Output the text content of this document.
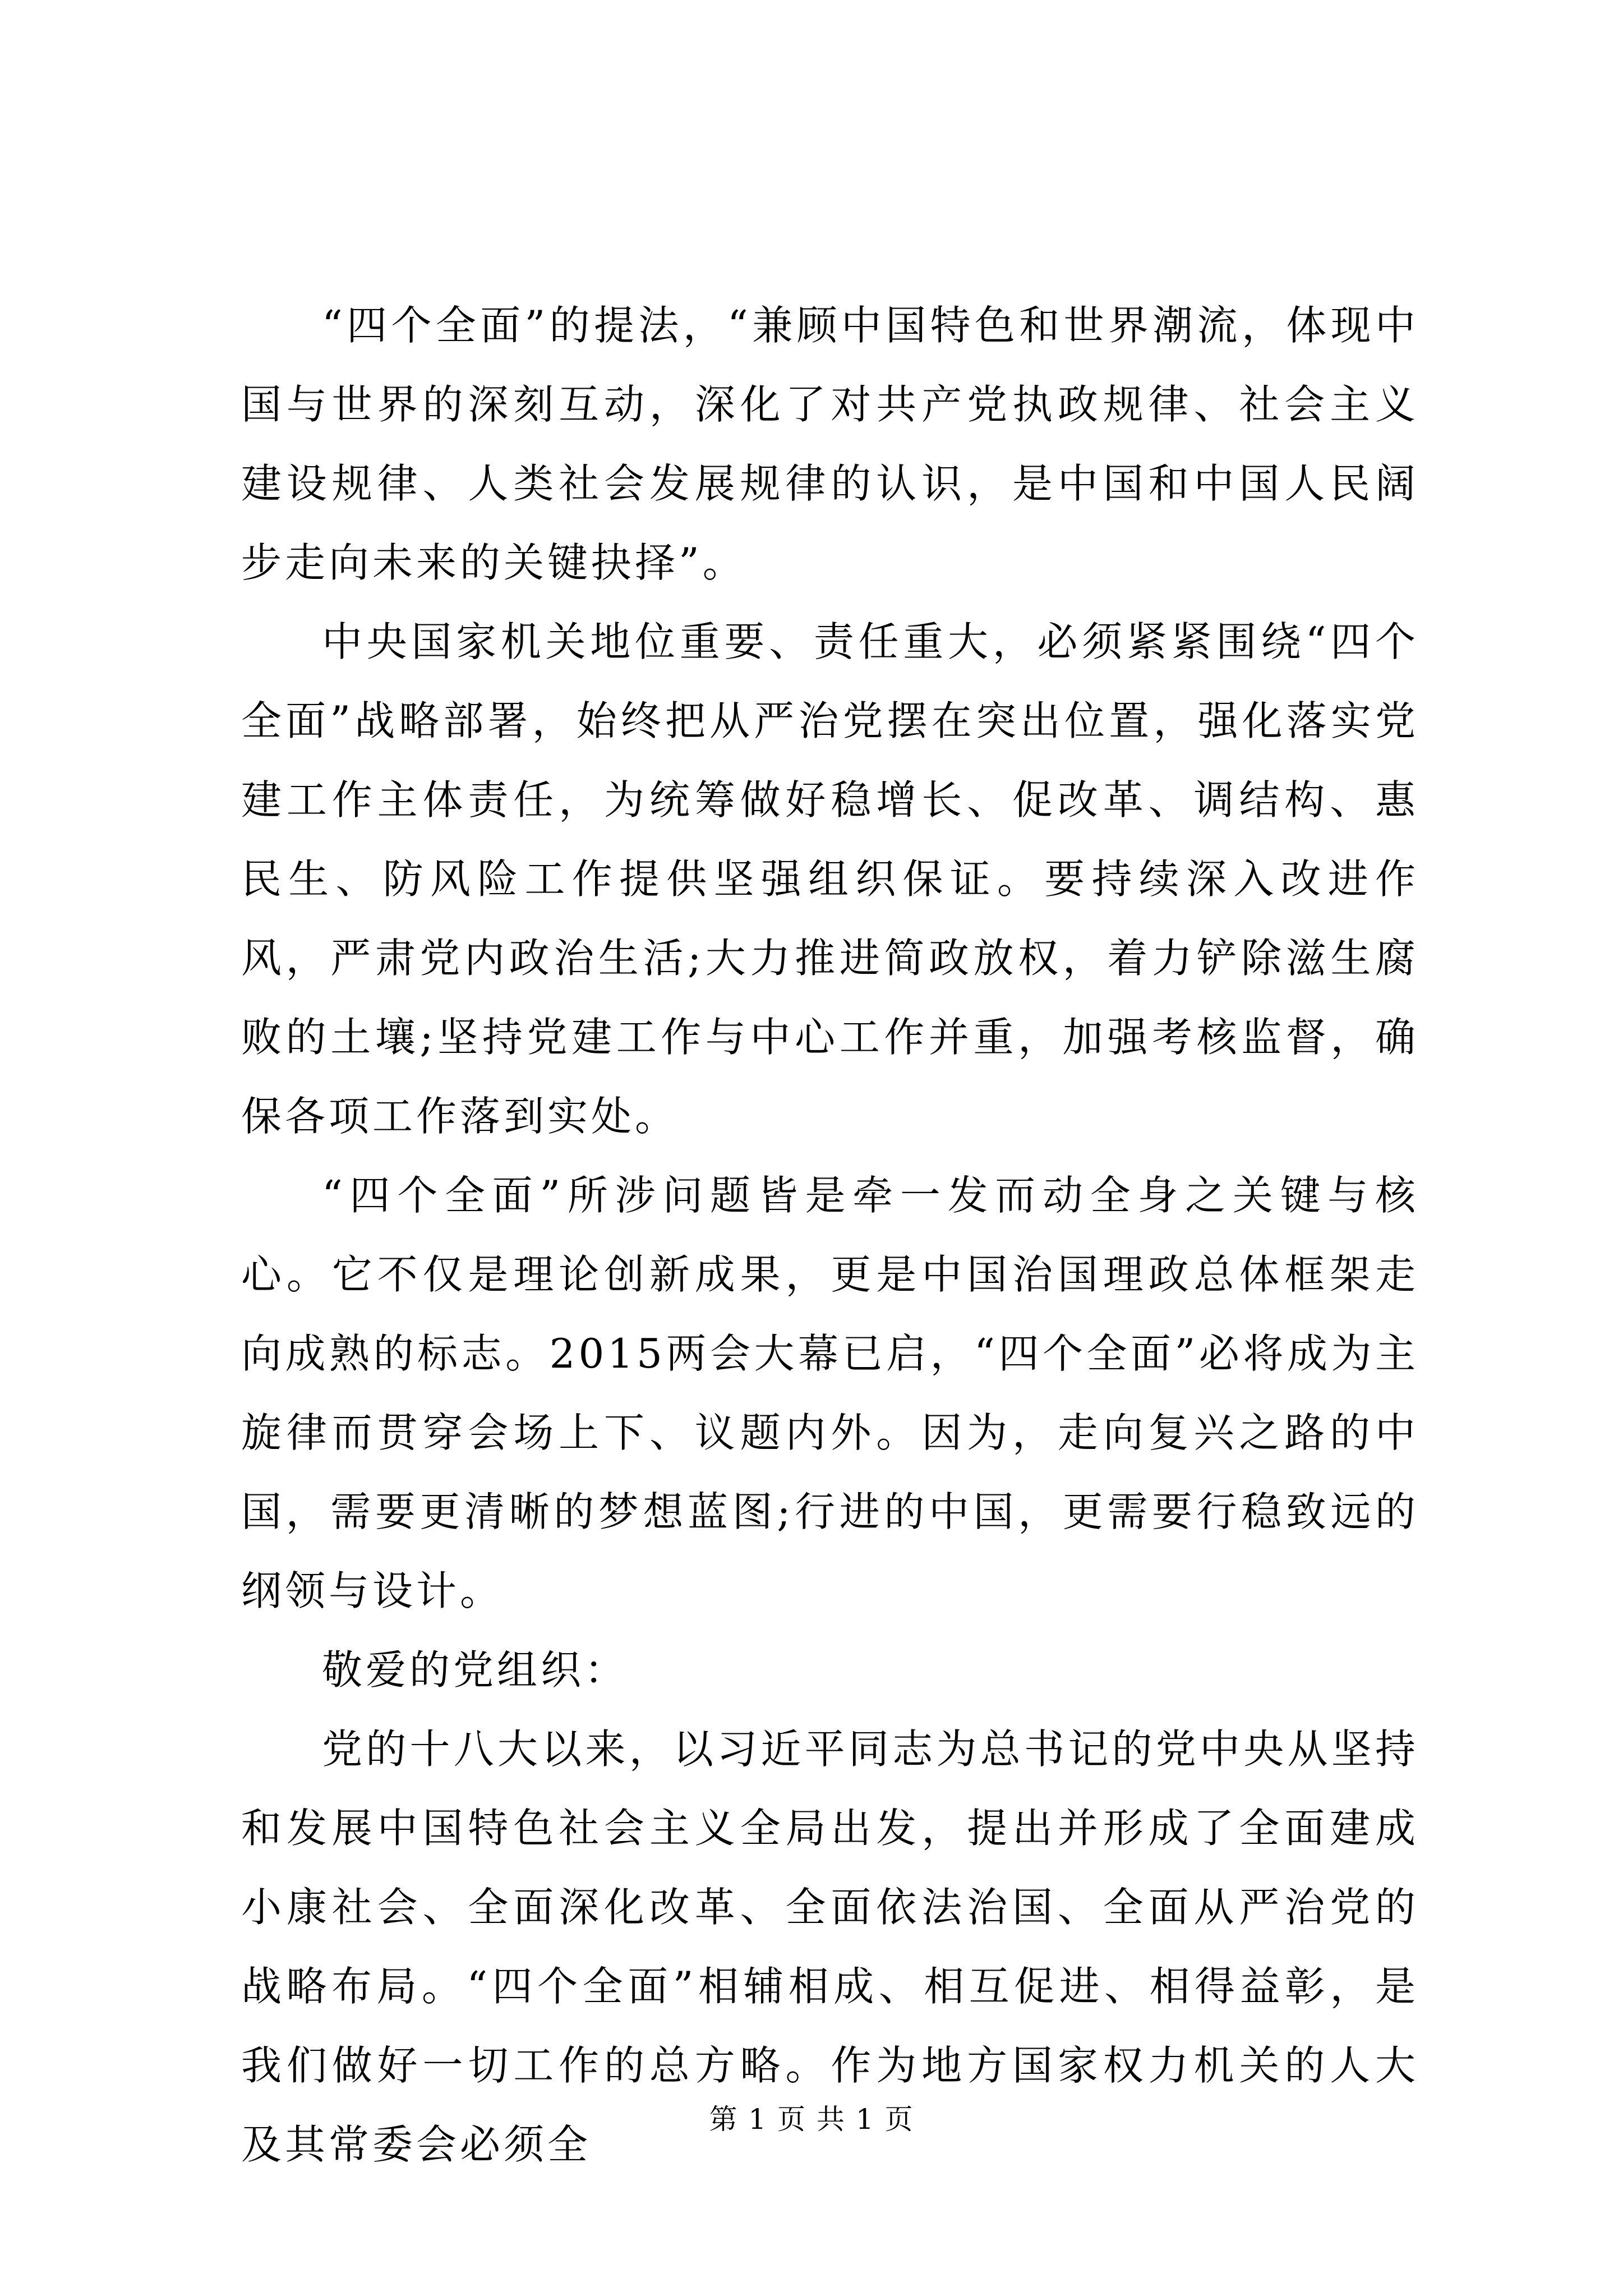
“四个全面”的提法，“兼顾中国特色和世界潮流，体现中国与世界的深刻互动，深化了对共产党执政规律、社会主义建设规律、人类社会发展规律的认识，是中国和中国人民阔步走向未来的关键抉择”。

中央国家机关地位重要、责任重大，必须紧紧围绕“四个全面”战略部署，始终把从严治党摆在突出位置，强化落实党建工作主体责任，为统筹做好稳增长、促改革、调结构、惠民生、防风险工作提供坚强组织保证。要持续深入改进作风，严肃党内政治生活;大力推进简政放权，着力铲除滋生腐败的土壤;坚持党建工作与中心工作并重，加强考核监督，确保各项工作落到实处。

“四个全面”所涉问题皆是牵一发而动全身之关键与核心。它不仅是理论创新成果，更是中国治国理政总体框架走向成熟的标志。2015两会大幕已启，“四个全面”必将成为主旋律而贯穿会场上下、议题内外。因为，走向复兴之路的中国，需要更清晰的梦想蓝图;行进的中国，更需要行稳致远的纲领与设计。

敬爱的党组织：

党的十八大以来，以习近平同志为总书记的党中央从坚持和发展中国特色社会主义全局出发，提出并形成了全面建成小康社会、全面深化改革、全面依法治国、全面从严治党的战略布局。“四个全面”相辅相成、相互促进、相得益彰，是我们做好一切工作的总方略。作为地方国家权力机关的人大及其常委会必须全

第 1 页 共 1 页
